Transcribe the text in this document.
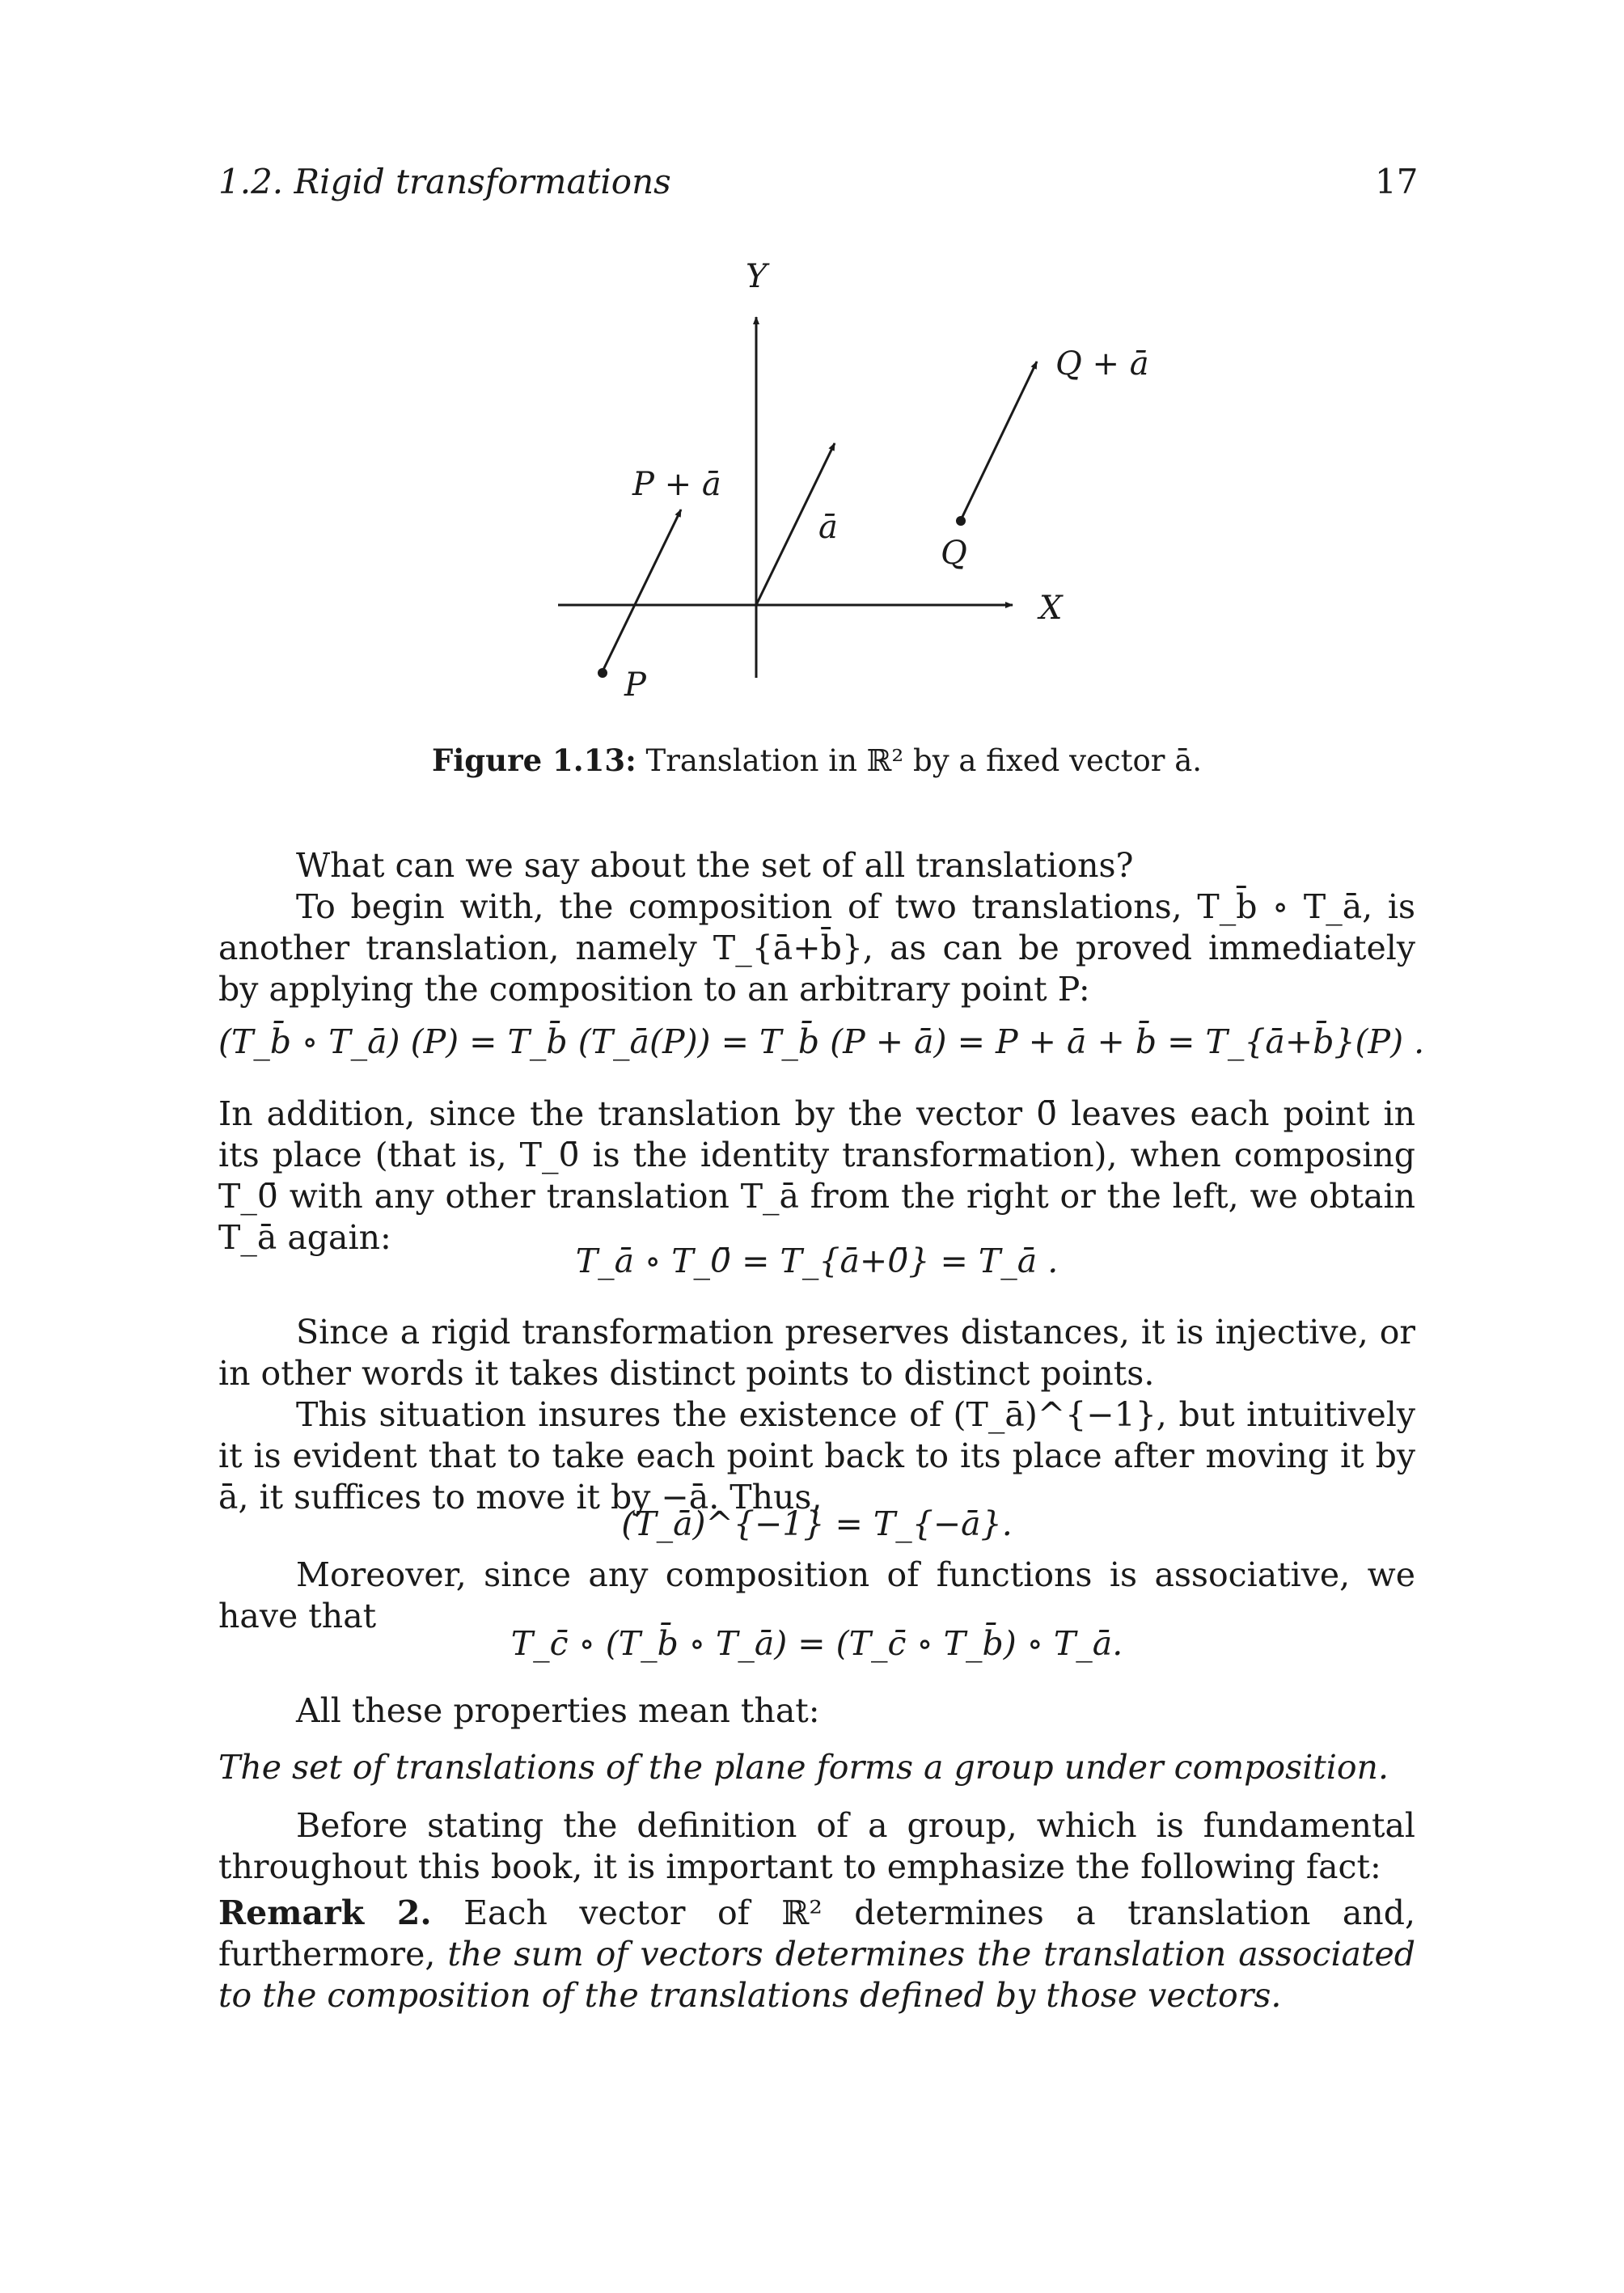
1.2. Rigid transformations	17
Y
X
P
P + ā
ā
Q
Q + ā
Figure 1.13: Translation in ℝ² by a fixed vector ā.

What can we say about the set of all translations?

To begin with, the composition of two translations, T_b̄ ∘ T_ā, is another translation, namely T_{ā+b̄}, as can be proved immediately by applying the composition to an arbitrary point P:

(T_b̄ ∘ T_ā) (P) = T_b̄ (T_ā(P)) = T_b̄ (P + ā) = P + ā + b̄ = T_{ā+b̄}(P) .

In addition, since the translation by the vector 0̄ leaves each point in its place (that is, T_0̄ is the identity transformation), when composing T_0̄ with any other translation T_ā from the right or the left, we obtain T_ā again:

T_ā ∘ T_0̄ = T_{ā+0̄} = T_ā .

Since a rigid transformation preserves distances, it is injective, or in other words it takes distinct points to distinct points.

This situation insures the existence of (T_ā)^{−1}, but intuitively it is evident that to take each point back to its place after moving it by ā, it suffices to move it by −ā. Thus,

(T_ā)^{−1} = T_{−ā}.

Moreover, since any composition of functions is associative, we have that

T_c̄ ∘ (T_b̄ ∘ T_ā) = (T_c̄ ∘ T_b̄) ∘ T_ā.

All these properties mean that:

The set of translations of the plane forms a group under composition.

Before stating the definition of a group, which is fundamental throughout this book, it is important to emphasize the following fact:

Remark 2. Each vector of ℝ² determines a translation and, furthermore, the sum of vectors determines the translation associated to the composition of the translations defined by those vectors.
